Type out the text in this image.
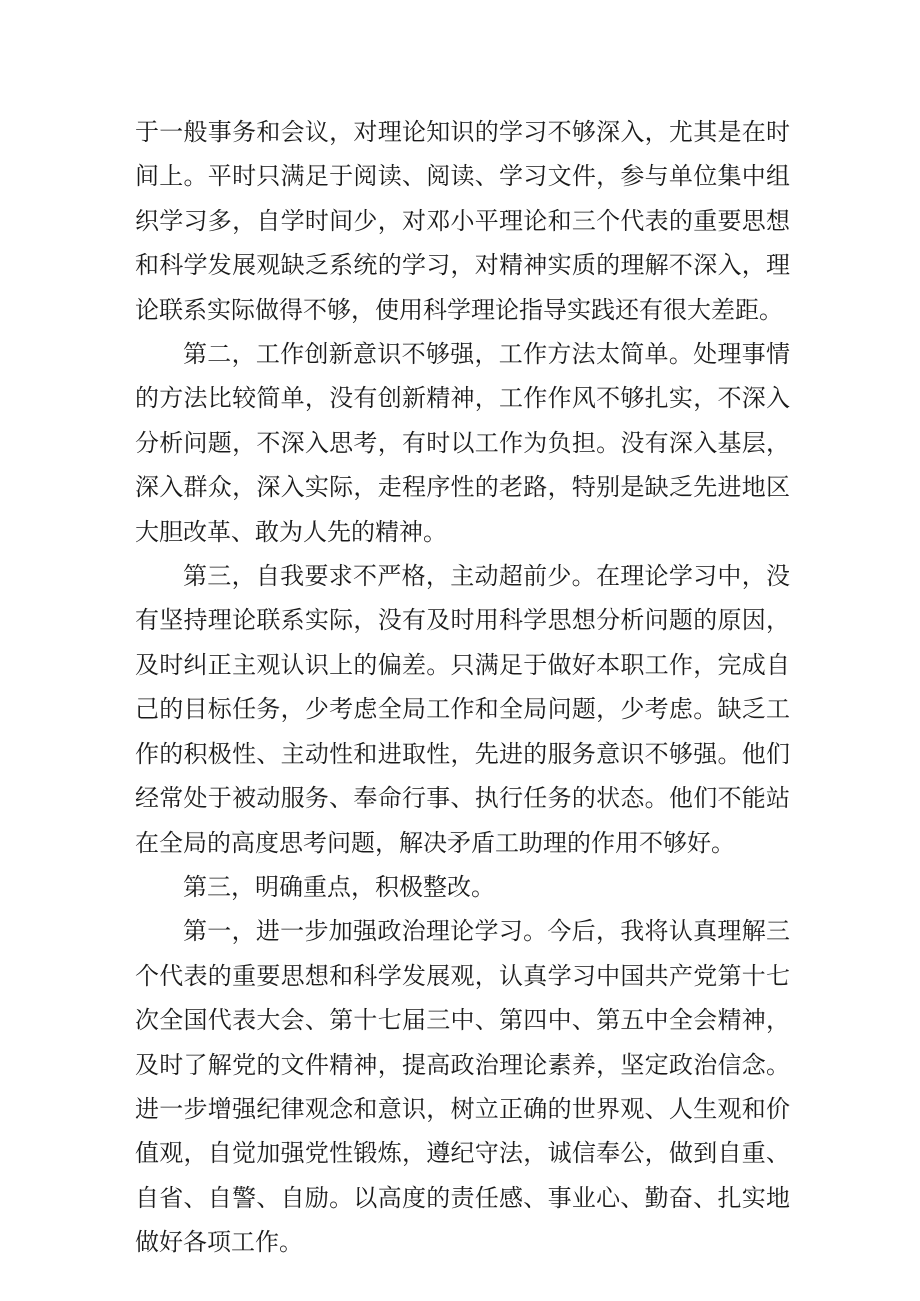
于一般事务和会议，对理论知识的学习不够深入，尤其是在时间上。平时只满足于阅读、阅读、学习文件，参与单位集中组织学习多，自学时间少，对邓小平理论和三个代表的重要思想和科学发展观缺乏系统的学习，对精神实质的理解不深入，理论联系实际做得不够，使用科学理论指导实践还有很大差距。

第二，工作创新意识不够强，工作方法太简单。处理事情的方法比较简单，没有创新精神，工作作风不够扎实，不深入分析问题，不深入思考，有时以工作为负担。没有深入基层，深入群众，深入实际，走程序性的老路，特别是缺乏先进地区大胆改革、敢为人先的精神。

第三，自我要求不严格，主动超前少。在理论学习中，没有坚持理论联系实际，没有及时用科学思想分析问题的原因，及时纠正主观认识上的偏差。只满足于做好本职工作，完成自己的目标任务，少考虑全局工作和全局问题，少考虑。缺乏工作的积极性、主动性和进取性，先进的服务意识不够强。他们经常处于被动服务、奉命行事、执行任务的状态。他们不能站在全局的高度思考问题，解决矛盾工助理的作用不够好。

第三，明确重点，积极整改。

第一，进一步加强政治理论学习。今后，我将认真理解三个代表的重要思想和科学发展观，认真学习中国共产党第十七次全国代表大会、第十七届三中、第四中、第五中全会精神，及时了解党的文件精神，提高政治理论素养，坚定政治信念。进一步增强纪律观念和意识，树立正确的世界观、人生观和价值观，自觉加强党性锻炼，遵纪守法，诚信奉公，做到自重、自省、自警、自励。以高度的责任感、事业心、勤奋、扎实地做好各项工作。
